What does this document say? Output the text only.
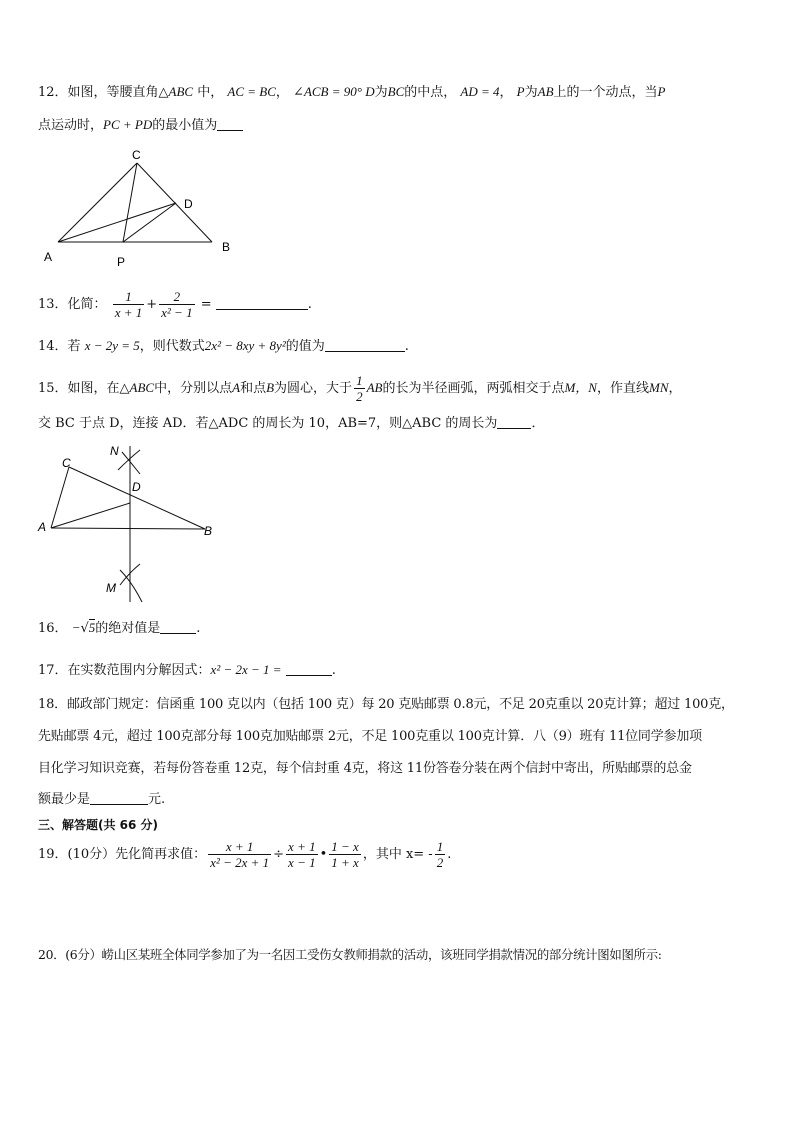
12．如图，等腰直角△ABC 中， AC = BC， ∠ACB = 90° D为BC的中点， AD = 4， P为AB上的一个动点，当P
点运动时，PC + PD的最小值为
C
D
A	P
B
13．化简： $\frac{1}{x + 1} + \frac{2}{\text{x² − 1}}$ =	.
14．若 x − 2y = 5，则代数式2x² − 8xy + 8y²的值为	.
15．如图，在△ABC中，分别以点A和点B为圆心，大于 $\frac{1}{2}$ AB的长为半径画弧，两弧相交于点M，N，作直线MN，
交 BC 于点 D，连接 AD．若△ADC 的周长为 10，AB=7，则△ABC 的周长为	．
N
C
D
A	B
M
16． −√5的绝对值是	.
17．在实数范围内分解因式：x² − 2x − 1 =	.
18．邮政部门规定：信函重 100 克以内（包括 100 克）每 20 克贴邮票 0.8元，不足 20克重以 20克计算；超过 100克，
先贴邮票 4元，超过 100克部分每 100克加贴邮票 2元，不足 100克重以 100克计算．八（9）班有 11位同学参加项
目化学习知识竞赛，若每份答卷重 12克，每个信封重 4克，将这 11份答卷分装在两个信封中寄出，所贴邮票的总金
额最少是	元.
三、解答题(共 66 分)
19．(10分）先化简再求值： $\frac{x + 1}{\text{x² − 2x + 1}} \div \frac{x + 1}{x - 1}$ • $\frac{1 - x}{1 + x}$ ，其中 $x= - \frac{1}{2}$ .
20．(6分）崂山区某班全体同学参加了为一名因工受伤女教师捐款的活动，该班同学捐款情况的部分统计图如图所示:
